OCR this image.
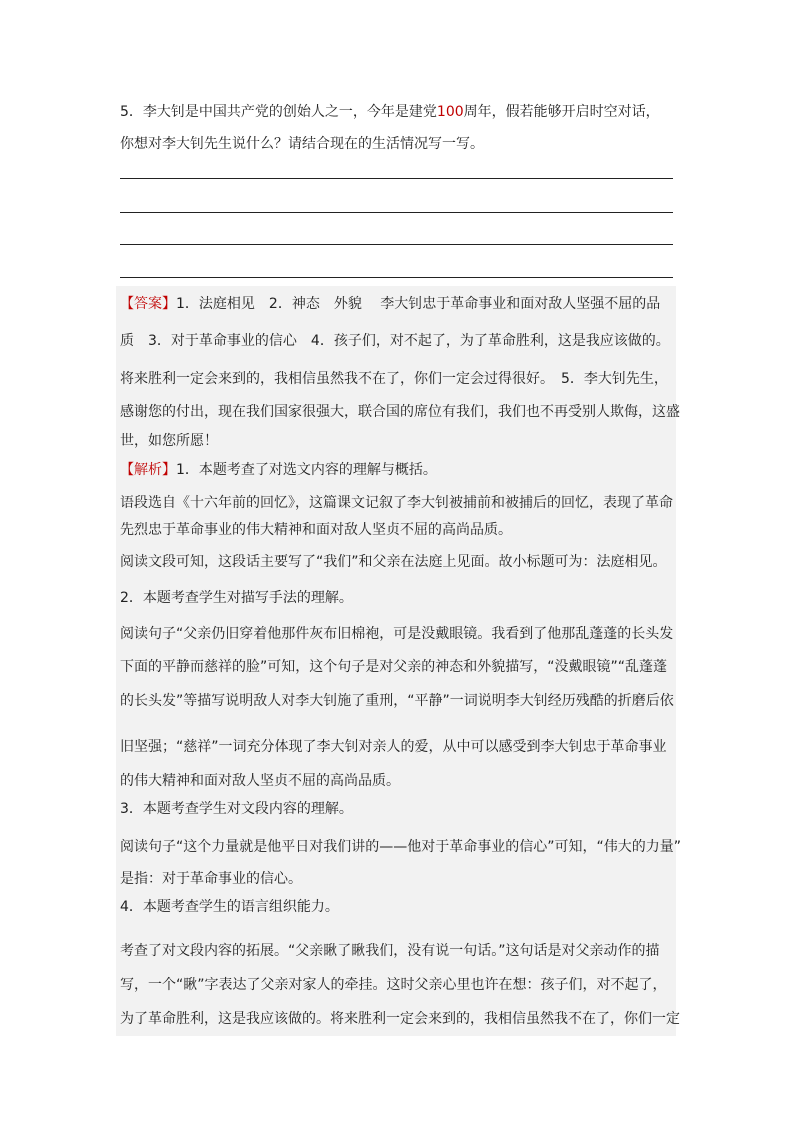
5．李大钊是中国共产党的创始人之一，今年是建党100周年，假若能够开启时空对话，

你想对李大钊先生说什么？请结合现在的生活情况写一写。

【答案】1．法庭相见　2．神态　外貌　 李大钊忠于革命事业和面对敌人坚强不屈的品

质　3．对于革命事业的信心　4．孩子们，对不起了，为了革命胜利，这是我应该做的。

将来胜利一定会来到的，我相信虽然我不在了，你们一定会过得很好。　5．李大钊先生，

感谢您的付出，现在我们国家很强大，联合国的席位有我们，我们也不再受别人欺侮，这盛

世，如您所愿！

【解析】1．本题考查了对选文内容的理解与概括。

语段选自《十六年前的回忆》，这篇课文记叙了李大钊被捕前和被捕后的回忆，表现了革命

先烈忠于革命事业的伟大精神和面对敌人坚贞不屈的高尚品质。

阅读文段可知，这段话主要写了“我们”和父亲在法庭上见面。故小标题可为：法庭相见。

2．本题考查学生对描写手法的理解。

阅读句子“父亲仍旧穿着他那件灰布旧棉袍，可是没戴眼镜。我看到了他那乱蓬蓬的长头发

下面的平静而慈祥的脸”可知，这个句子是对父亲的神态和外貌描写，“没戴眼镜”“乱蓬蓬

的长头发”等描写说明敌人对李大钊施了重刑，“平静”一词说明李大钊经历残酷的折磨后依

旧坚强；“慈祥”一词充分体现了李大钊对亲人的爱，从中可以感受到李大钊忠于革命事业

的伟大精神和面对敌人坚贞不屈的高尚品质。

3．本题考查学生对文段内容的理解。

阅读句子“这个力量就是他平日对我们讲的——他对于革命事业的信心”可知，“伟大的力量”

是指：对于革命事业的信心。

4．本题考查学生的语言组织能力。

考查了对文段内容的拓展。“父亲瞅了瞅我们，没有说一句话。”这句话是对父亲动作的描

写，一个“瞅”字表达了父亲对家人的牵挂。这时父亲心里也许在想：孩子们，对不起了，

为了革命胜利，这是我应该做的。将来胜利一定会来到的，我相信虽然我不在了，你们一定
